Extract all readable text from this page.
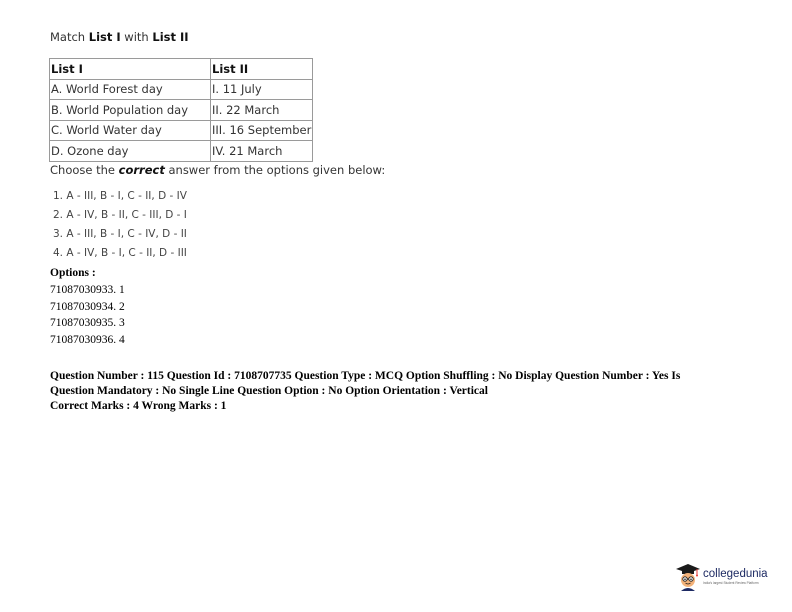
Match List I with List II
List I	List II
A. World Forest day	I. 11 July
B. World Population day	II. 22 March
C. World Water day	III. 16 September
D. Ozone day	IV. 21 March
Choose the correct answer from the options given below:
1. A - III, B - I, C - II, D - IV
2. A - IV, B - II, C - III, D - I
3. A - III, B - I, C - IV, D - II
4. A - IV, B - I, C - II, D - III
Options :
71087030933. 1
71087030934. 2
71087030935. 3
71087030936. 4
Question Number : 115 Question Id : 7108707735 Question Type : MCQ Option Shuffling : No Display Question Number : Yes Is
Question Mandatory : No Single Line Question Option : No Option Orientation : Vertical
Correct Marks : 4 Wrong Marks : 1
collegedunia
India's largest Student Review Platform
